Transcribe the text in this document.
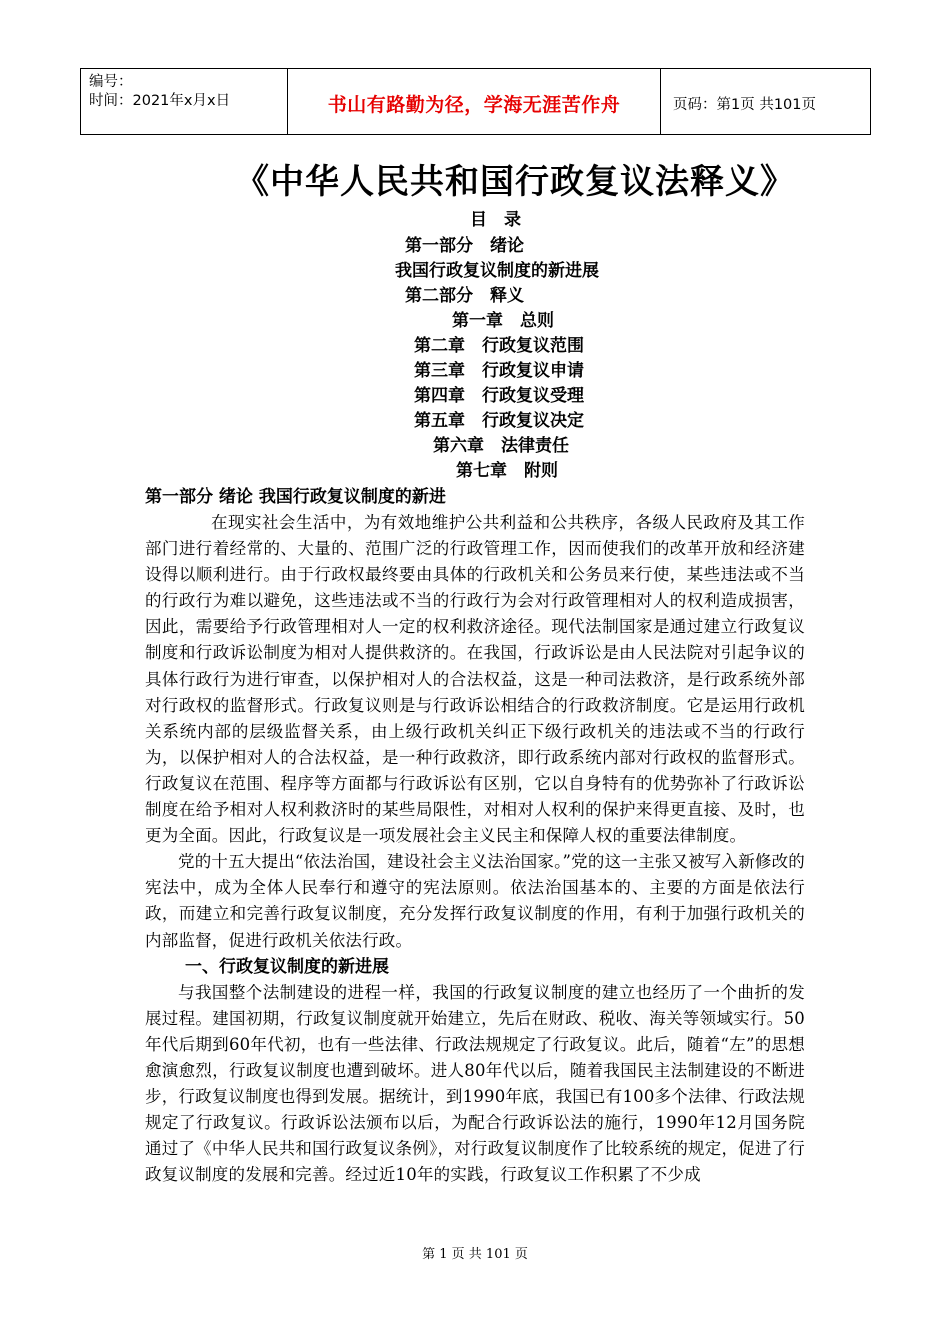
编号：
时间：2021年x月x日	书山有路勤为径，学海无涯苦作舟	页码：第1页 共101页
《中华人民共和国行政复议法释义》
目　录
第一部分　绪论
我国行政复议制度的新进展
第二部分　释义
第一章　总则
第二章　行政复议范围
第三章　行政复议申请
第四章　行政复议受理
第五章　行政复议决定
第六章　法律责任
第七章　附则
第一部分 绪论 我国行政复议制度的新进

在现实社会生活中，为有效地维护公共利益和公共秩序，各级人民政府及其工作部门进行着经常的、大量的、范围广泛的行政管理工作，因而使我们的改革开放和经济建设得以顺利进行。由于行政权最终要由具体的行政机关和公务员来行使，某些违法或不当的行政行为难以避免，这些违法或不当的行政行为会对行政管理相对人的权利造成损害，因此，需要给予行政管理相对人一定的权利救济途径。现代法制国家是通过建立行政复议制度和行政诉讼制度为相对人提供救济的。在我国，行政诉讼是由人民法院对引起争议的具体行政行为进行审查，以保护相对人的合法权益，这是一种司法救济，是行政系统外部对行政权的监督形式。行政复议则是与行政诉讼相结合的行政救济制度。它是运用行政机关系统内部的层级监督关系，由上级行政机关纠正下级行政机关的违法或不当的行政行为，以保护相对人的合法权益，是一种行政救济，即行政系统内部对行政权的监督形式。行政复议在范围、程序等方面都与行政诉讼有区别，它以自身特有的优势弥补了行政诉讼制度在给予相对人权利救济时的某些局限性，对相对人权利的保护来得更直接、及时，也更为全面。因此，行政复议是一项发展社会主义民主和保障人权的重要法律制度。

党的十五大提出“依法治国，建设社会主义法治国家。”党的这一主张又被写入新修改的宪法中，成为全体人民奉行和遵守的宪法原则。依法治国基本的、主要的方面是依法行政，而建立和完善行政复议制度，充分发挥行政复议制度的作用，有利于加强行政机关的内部监督，促进行政机关依法行政。

一、行政复议制度的新进展

与我国整个法制建设的进程一样，我国的行政复议制度的建立也经历了一个曲折的发展过程。建国初期，行政复议制度就开始建立，先后在财政、税收、海关等领域实行。50年代后期到60年代初，也有一些法律、行政法规规定了行政复议。此后，随着“左”的思想愈演愈烈，行政复议制度也遭到破坏。进人80年代以后，随着我国民主法制建设的不断进步，行政复议制度也得到发展。据统计，到1990年底，我国已有100多个法律、行政法规规定了行政复议。行政诉讼法颁布以后，为配合行政诉讼法的施行，1990年12月国务院通过了《中华人民共和国行政复议条例》，对行政复议制度作了比较系统的规定，促进了行政复议制度的发展和完善。经过近10年的实践，行政复议工作积累了不少成

第 1 页 共 101 页
